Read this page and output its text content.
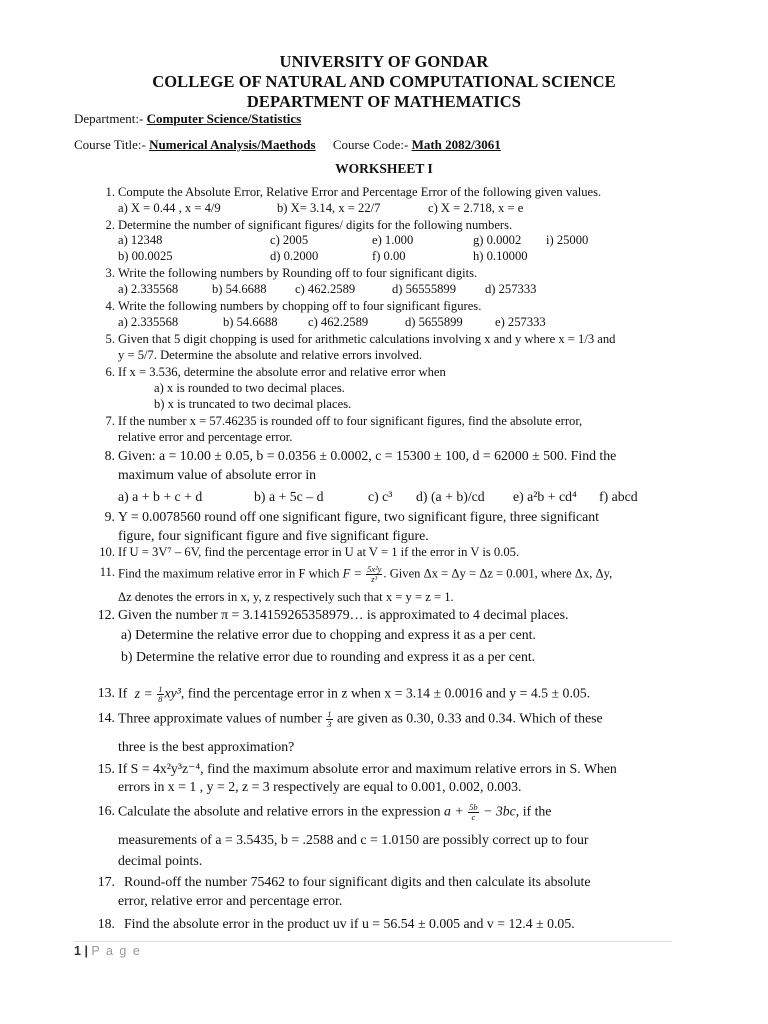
UNIVERSITY OF GONDAR
COLLEGE OF NATURAL AND COMPUTATIONAL SCIENCE
DEPARTMENT OF MATHEMATICS
Department:- Computer Science/Statistics
Course Title:- Numerical Analysis/Maethods Course Code:- Math 2082/3061
WORKSHEET I
1. Compute the Absolute Error, Relative Error and Percentage Error of the following given values.
a) X = 0.44 , x = 4/9	b) X= 3.14, x = 22/7	c) X = 2.718, x = e
2. Determine the number of significant figures/ digits for the following numbers.
a) 12348	c) 2005	e) 1.000	g) 0.0002 i) 25000
b) 00.0025	d) 0.2000	f) 0.00	h) 0.10000
3. Write the following numbers by Rounding off to four significant digits.
a) 2.335568	b) 54.6688 c) 462.2589	d) 56555899 d) 257333
4. Write the following numbers by chopping off to four significant figures.
a) 2.335568	b) 54.6688 c) 462.2589	d) 5655899	e) 257333
5. Given that 5 digit chopping is used for arithmetic calculations involving x and y where x = 1/3 and
y = 5/7. Determine the absolute and relative errors involved.
6. If x = 3.536, determine the absolute error and relative error when
a) x is rounded to two decimal places.
b) x is truncated to two decimal places.
7. If the number x = 57.46235 is rounded off to four significant figures, find the absolute error,
relative error and percentage error.
8. Given: a = 10.00 ± 0.05, b = 0.0356 ± 0.0002, c = 15300 ± 100, d = 62000 ± 500. Find the
maximum value of absolute error in
a) a + b + c + d	b) a + 5c – d	c) c³ d) (a + b)/cd e) a²b + cd⁴ f) abcd
9. Y = 0.0078560 round off one significant figure, two significant figure, three significant
figure, four significant figure and five significant figure.
10. If U = 3V⁷ – 6V, find the percentage error in U at V = 1 if the error in V is 0.05.
11. Find the maximum relative error in F which $F = \frac{\text{5x²y}}{\text{z³}}$ . Given Δx = Δy = Δz = 0.001, where Δx, Δy,
Δz denotes the errors in x, y, z respectively such that x = y = z = 1.
12. Given the number π = 3.14159265358979… is approximated to 4 decimal places.
a) Determine the relative error due to chopping and express it as a per cent.
b) Determine the relative error due to rounding and express it as a per cent.
13. If $z = \frac{1}{8} xy^3$, find the percentage error in z when x = 3.14 ± 0.0016 and y = 4.5 ± 0.05.
14. Three approximate values of number $\frac{1}{3}$ are given as 0.30, 0.33 and 0.34. Which of these
three is the best approximation?
15. If S = 4x²y³z⁻⁴, find the maximum absolute error and maximum relative errors in S. When
errors in x = 1 , y = 2, z = 3 respectively are equal to 0.001, 0.002, 0.003.
16. Calculate the absolute and relative errors in the expression $a + \frac{5b}{c} - 3bc$, if the
measurements of a = 3.5435, b = .2588 and c = 1.0150 are possibly correct up to four
decimal points.
17. Round-off the number 75462 to four significant digits and then calculate its absolute
error, relative error and percentage error.
18. Find the absolute error in the product uv if u = 56.54 ± 0.005 and v = 12.4 ± 0.05.
1 | P a g e
